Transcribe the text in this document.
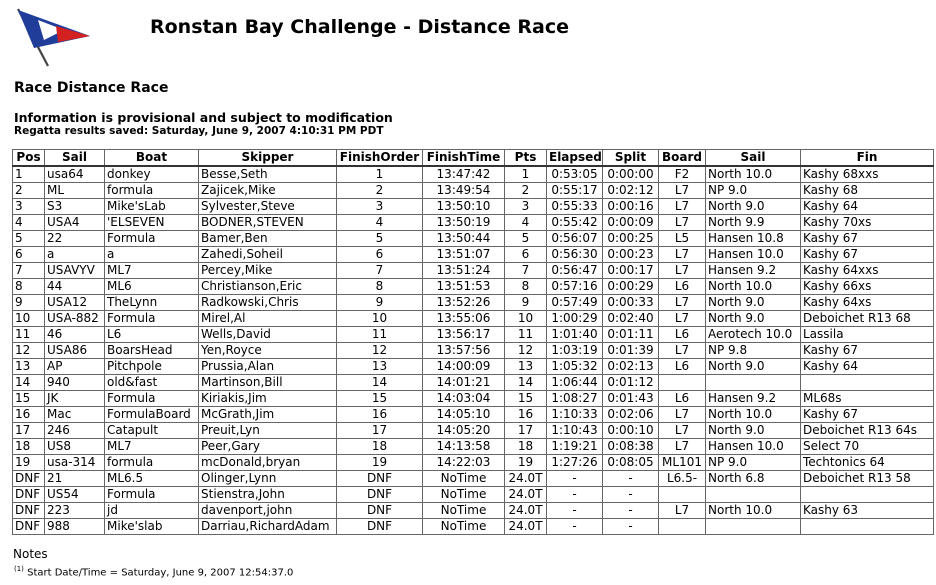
Ronstan Bay Challenge - Distance Race
Race Distance Race
Information is provisional and subject to modification
Regatta results saved: Saturday, June 9, 2007 4:10:31 PM PDT
Pos	Sail	Boat	Skipper	FinishOrder	FinishTime	Pts	Elapsed	Split	Board	Sail	Fin
1	usa64	donkey	Besse,Seth	1	13:47:42	1	0:53:05	0:00:00	F2	North 10.0	Kashy 68xxs
2	ML	formula	Zajicek,Mike	2	13:49:54	2	0:55:17	0:02:12	L7	NP 9.0	Kashy 68
3	S3	Mike'sLab	Sylvester,Steve	3	13:50:10	3	0:55:33	0:00:16	L7	North 9.0	Kashy 64
4	USA4	'ELSEVEN	BODNER,STEVEN	4	13:50:19	4	0:55:42	0:00:09	L7	North 9.9	Kashy 70xs
5	22	Formula	Bamer,Ben	5	13:50:44	5	0:56:07	0:00:25	L5	Hansen 10.8	Kashy 67
6	a	a	Zahedi,Soheil	6	13:51:07	6	0:56:30	0:00:23	L7	Hansen 10.0	Kashy 67
7	USAVYV	ML7	Percey,Mike	7	13:51:24	7	0:56:47	0:00:17	L7	Hansen 9.2	Kashy 64xxs
8	44	ML6	Christianson,Eric	8	13:51:53	8	0:57:16	0:00:29	L6	North 10.0	Kashy 66xs
9	USA12	TheLynn	Radkowski,Chris	9	13:52:26	9	0:57:49	0:00:33	L7	North 9.0	Kashy 64xs
10	USA-882	Formula	Mirel,Al	10	13:55:06	10	1:00:29	0:02:40	L7	North 9.0	Deboichet R13 68
11	46	L6	Wells,David	11	13:56:17	11	1:01:40	0:01:11	L6	Aerotech 10.0	Lassila
12	USA86	BoarsHead	Yen,Royce	12	13:57:56	12	1:03:19	0:01:39	L7	NP 9.8	Kashy 67
13	AP	Pitchpole	Prussia,Alan	13	14:00:09	13	1:05:32	0:02:13	L6	North 9.0	Kashy 64
14	940	old&fast	Martinson,Bill	14	14:01:21	14	1:06:44	0:01:12			
15	JK	Formula	Kiriakis,Jim	15	14:03:04	15	1:08:27	0:01:43	L6	Hansen 9.2	ML68s
16	Mac	FormulaBoard	McGrath,Jim	16	14:05:10	16	1:10:33	0:02:06	L7	North 10.0	Kashy 67
17	246	Catapult	Preuit,Lyn	17	14:05:20	17	1:10:43	0:00:10	L7	North 9.0	Deboichet R13 64s
18	US8	ML7	Peer,Gary	18	14:13:58	18	1:19:21	0:08:38	L7	Hansen 10.0	Select 70
19	usa-314	formula	mcDonald,bryan	19	14:22:03	19	1:27:26	0:08:05	ML101	NP 9.0	Techtonics 64
DNF	21	ML6.5	Olinger,Lynn	DNF	NoTime	24.0T	-	-	L6.5-	North 6.8	Deboichet R13 58
DNF	US54	Formula	Stienstra,John	DNF	NoTime	24.0T	-	-			
DNF	223	jd	davenport,john	DNF	NoTime	24.0T	-	-	L7	North 10.0	Kashy 63
DNF	988	Mike'slab	Darriau,RichardAdam	DNF	NoTime	24.0T	-	-			
Notes
$^{(1)}$ Start Date/Time = Saturday, June 9, 2007 12:54:37.0
